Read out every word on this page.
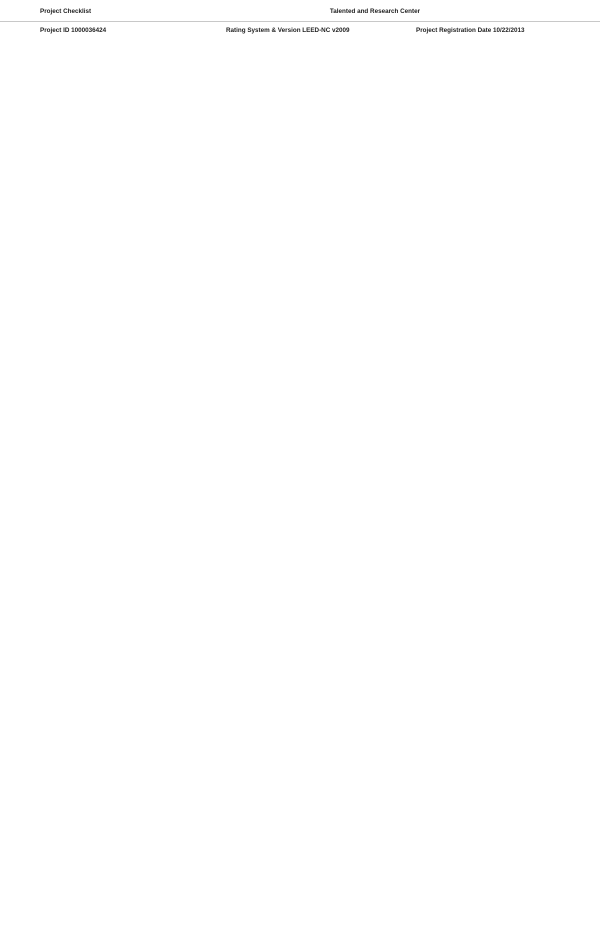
Project Checklist	Talented and Research Center
Project ID 1000036424	Rating System & Version LEED-NC v2009	Project Registration Date 10/22/2013
